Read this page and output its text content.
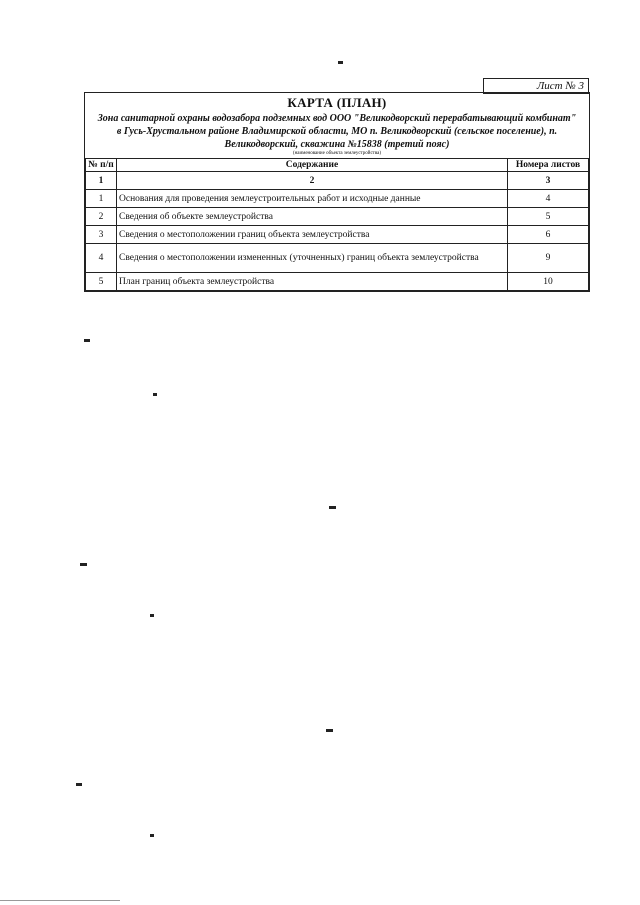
Лист № 3
КАРТА (ПЛАН)
Зона санитарной охраны водозабора подземных вод ООО "Великодворский перерабатывающий комбинат" в Гусь-Хрустальном районе Владимирской области, МО п. Великодворский (сельское поселение), п. Великодворский, скважина №15838 (третий пояс)
(наименование объекта землеустройства)
№ п/п	Содержание	Номера листов
1	2	3
1	Основания для проведения землеустроительных работ и исходные данные	4
2	Сведения об объекте землеустройства	5
3	Сведения о местоположении границ объекта землеустройства	6
4	Сведения о местоположении измененных (уточненных) границ объекта землеустройства	9
5	План границ объекта землеустройства	10
